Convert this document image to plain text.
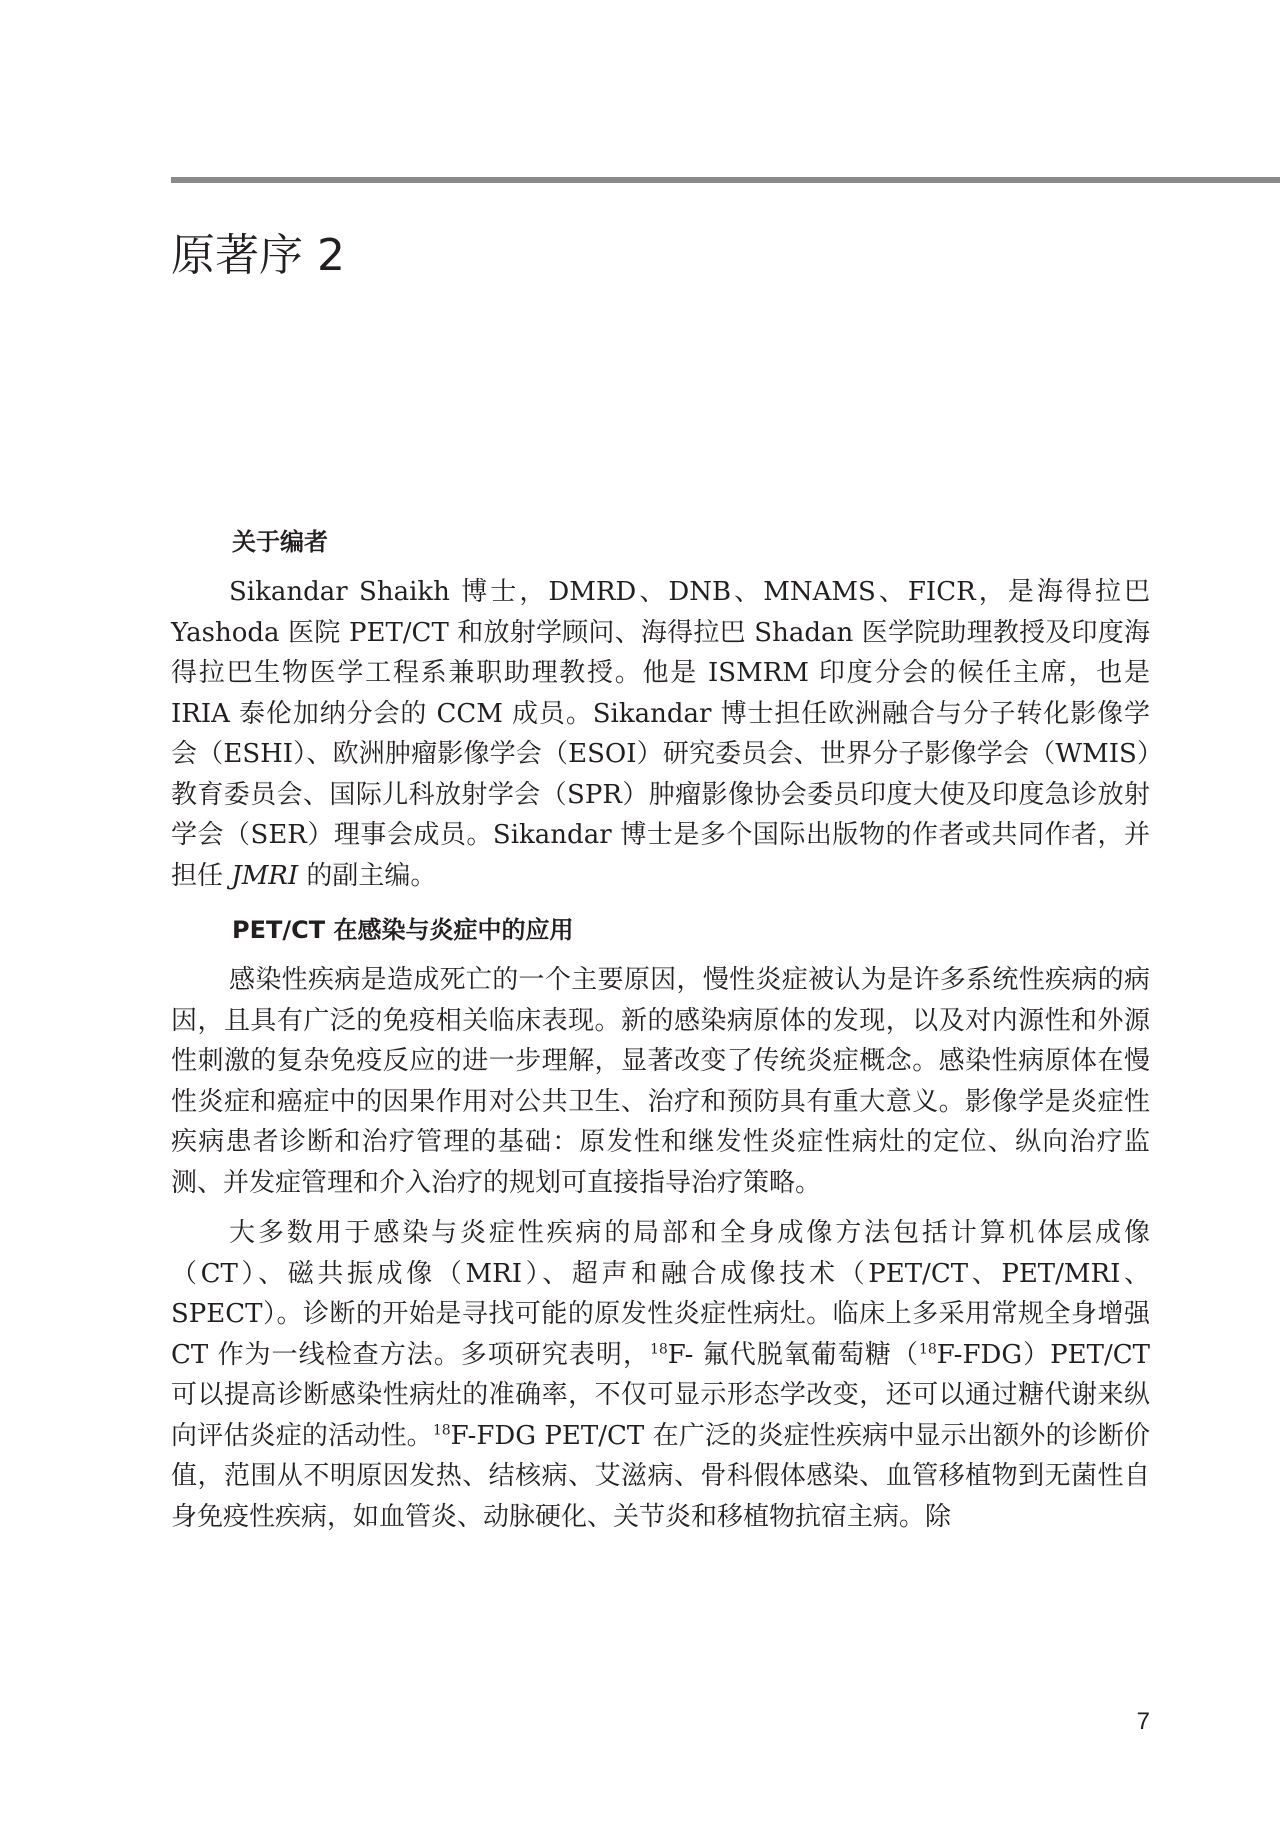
原著序 2
关于编者

Sikandar Shaikh 博士，DMRD、DNB、MNAMS、FICR，是海得拉巴 Yashoda 医院 PET/CT 和放射学顾问、海得拉巴 Shadan 医学院助理教授及印度海得拉巴生物医学工程系兼职助理教授。他是 ISMRM 印度分会的候任主席，也是 IRIA 泰伦加纳分会的 CCM 成员。Sikandar 博士担任欧洲融合与分子转化影像学会（ESHI）、欧洲肿瘤影像学会（ESOI）研究委员会、世界分子影像学会（WMIS）教育委员会、国际儿科放射学会（SPR）肿瘤影像协会委员印度大使及印度急诊放射学会（SER）理事会成员。Sikandar 博士是多个国际出版物的作者或共同作者，并担任 JMRI 的副主编。

PET/CT 在感染与炎症中的应用

感染性疾病是造成死亡的一个主要原因，慢性炎症被认为是许多系统性疾病的病因，且具有广泛的免疫相关临床表现。新的感染病原体的发现，以及对内源性和外源性刺激的复杂免疫反应的进一步理解，显著改变了传统炎症概念。感染性病原体在慢性炎症和癌症中的因果作用对公共卫生、治疗和预防具有重大意义。影像学是炎症性疾病患者诊断和治疗管理的基础：原发性和继发性炎症性病灶的定位、纵向治疗监测、并发症管理和介入治疗的规划可直接指导治疗策略。

大多数用于感染与炎症性疾病的局部和全身成像方法包括计算机体层成像（CT）、磁共振成像（MRI）、超声和融合成像技术（PET/CT、PET/MRI、SPECT）。诊断的开始是寻找可能的原发性炎症性病灶。临床上多采用常规全身增强 CT 作为一线检查方法。多项研究表明，$^{18}$F- 氟代脱氧葡萄糖（$^{18}$F-FDG）PET/CT 可以提高诊断感染性病灶的准确率，不仅可显示形态学改变，还可以通过糖代谢来纵向评估炎症的活动性。$^{18}$F-FDG PET/CT 在广泛的炎症性疾病中显示出额外的诊断价值，范围从不明原因发热、结核病、艾滋病、骨科假体感染、血管移植物到无菌性自身免疫性疾病，如血管炎、动脉硬化、关节炎和移植物抗宿主病。除

7
